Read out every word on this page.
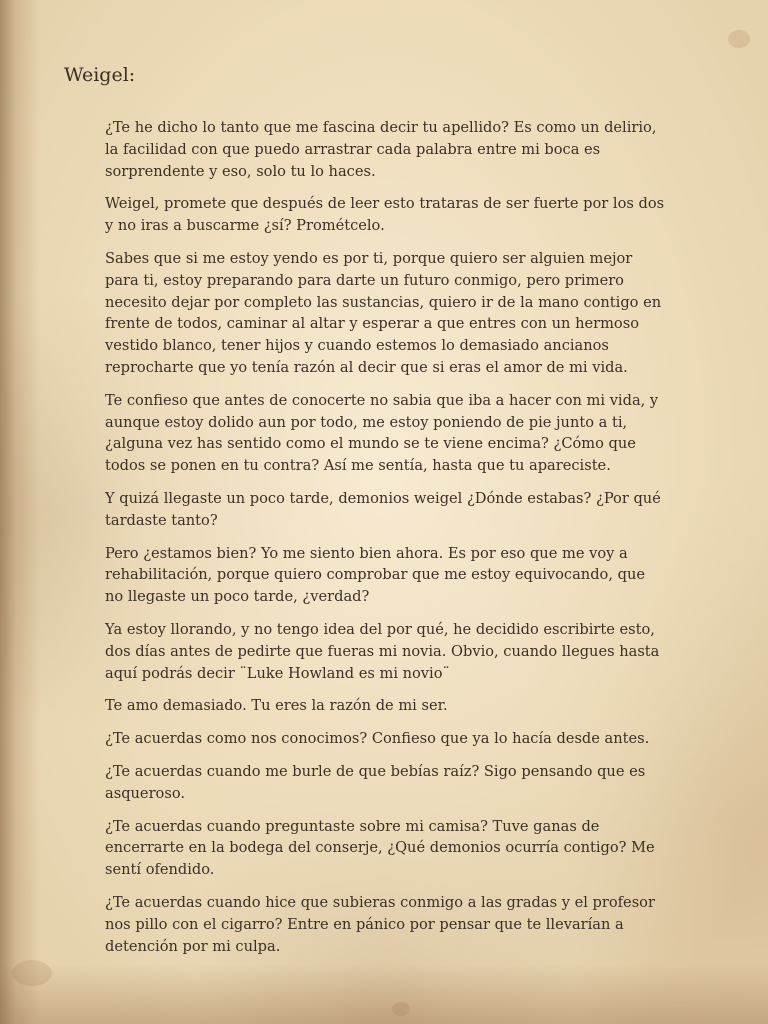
Weigel:

¿Te he dicho lo tanto que me fascina decir tu apellido? Es como un delirio, la facilidad con que puedo arrastrar cada palabra entre mi boca es sorprendente y eso, solo tu lo haces.

Weigel, promete que después de leer esto trataras de ser fuerte por los dos y no iras a buscarme ¿sí? Prométcelo.

Sabes que si me estoy yendo es por ti, porque quiero ser alguien mejor para ti, estoy preparando para darte un futuro conmigo, pero primero necesito dejar por completo las sustancias, quiero ir de la mano contigo en frente de todos, caminar al altar y esperar a que entres con un hermoso vestido blanco, tener hijos y cuando estemos lo demasiado ancianos reprocharte que yo tenía razón al decir que si eras el amor de mi vida.

Te confieso que antes de conocerte no sabia que iba a hacer con mi vida, y aunque estoy dolido aun por todo, me estoy poniendo de pie junto a ti, ¿alguna vez has sentido como el mundo se te viene encima? ¿Cómo que todos se ponen en tu contra? Así me sentía, hasta que tu apareciste.

Y quizá llegaste un poco tarde, demonios weigel ¿Dónde estabas? ¿Por qué tardaste tanto?

Pero ¿estamos bien? Yo me siento bien ahora. Es por eso que me voy a rehabilitación, porque quiero comprobar que me estoy equivocando, que no llegaste un poco tarde, ¿verdad?

Ya estoy llorando, y no tengo idea del por qué, he decidido escribirte esto, dos días antes de pedirte que fueras mi novia. Obvio, cuando llegues hasta aquí podrás decir ¨Luke Howland es mi novio¨

Te amo demasiado. Tu eres la razón de mi ser.

¿Te acuerdas como nos conocimos? Confieso que ya lo hacía desde antes.

¿Te acuerdas cuando me burle de que bebías raíz? Sigo pensando que es asqueroso.

¿Te acuerdas cuando preguntaste sobre mi camisa? Tuve ganas de encerrarte en la bodega del conserje, ¿Qué demonios ocurría contigo? Me sentí ofendido.

¿Te acuerdas cuando hice que subieras conmigo a las gradas y el profesor nos pillo con el cigarro? Entre en pánico por pensar que te llevarían a detención por mi culpa.
